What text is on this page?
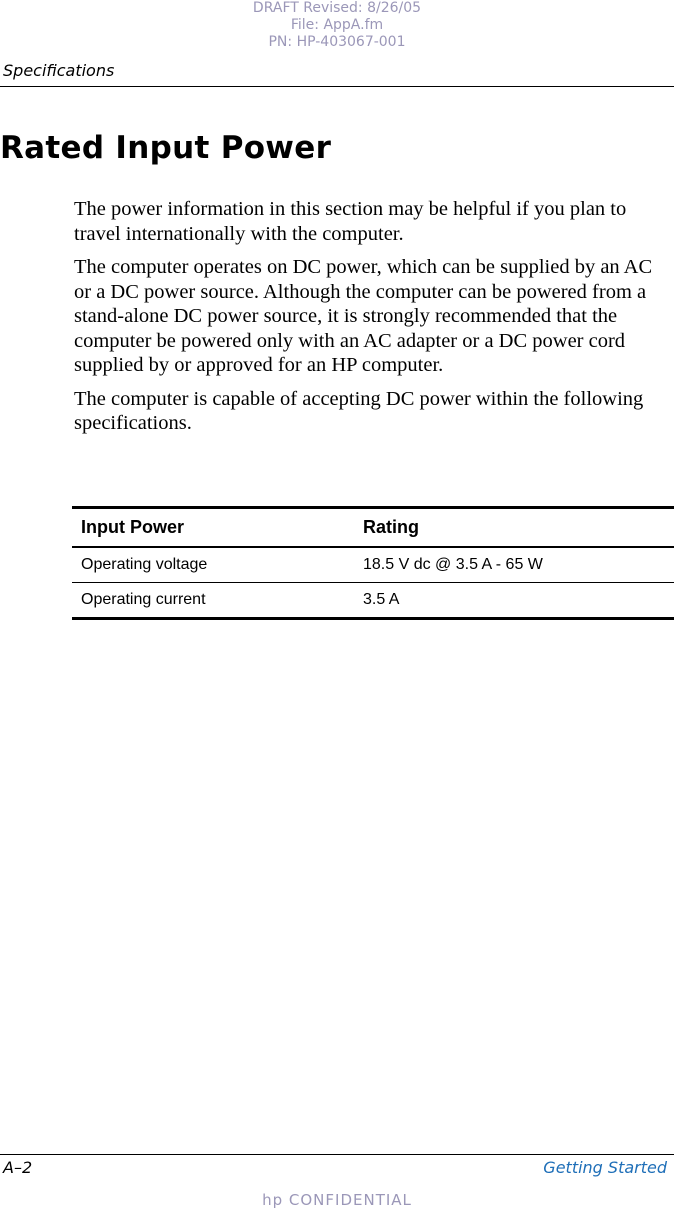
DRAFT Revised: 8/26/05
File: AppA.fm
PN: HP-403067-001
Specifications
Rated Input Power

The power information in this section may be helpful if you plan to travel internationally with the computer.

The computer operates on DC power, which can be supplied by an AC or a DC power source. Although the computer can be powered from a stand-alone DC power source, it is strongly recommended that the computer be powered only with an AC adapter or a DC power cord supplied by or approved for an HP computer.

The computer is capable of accepting DC power within the following specifications.

Input Power	Rating
Operating voltage	18.5 V dc @ 3.5 A - 65 W
Operating current	3.5 A
A–2	Getting Started
hp CONFIDENTIAL
